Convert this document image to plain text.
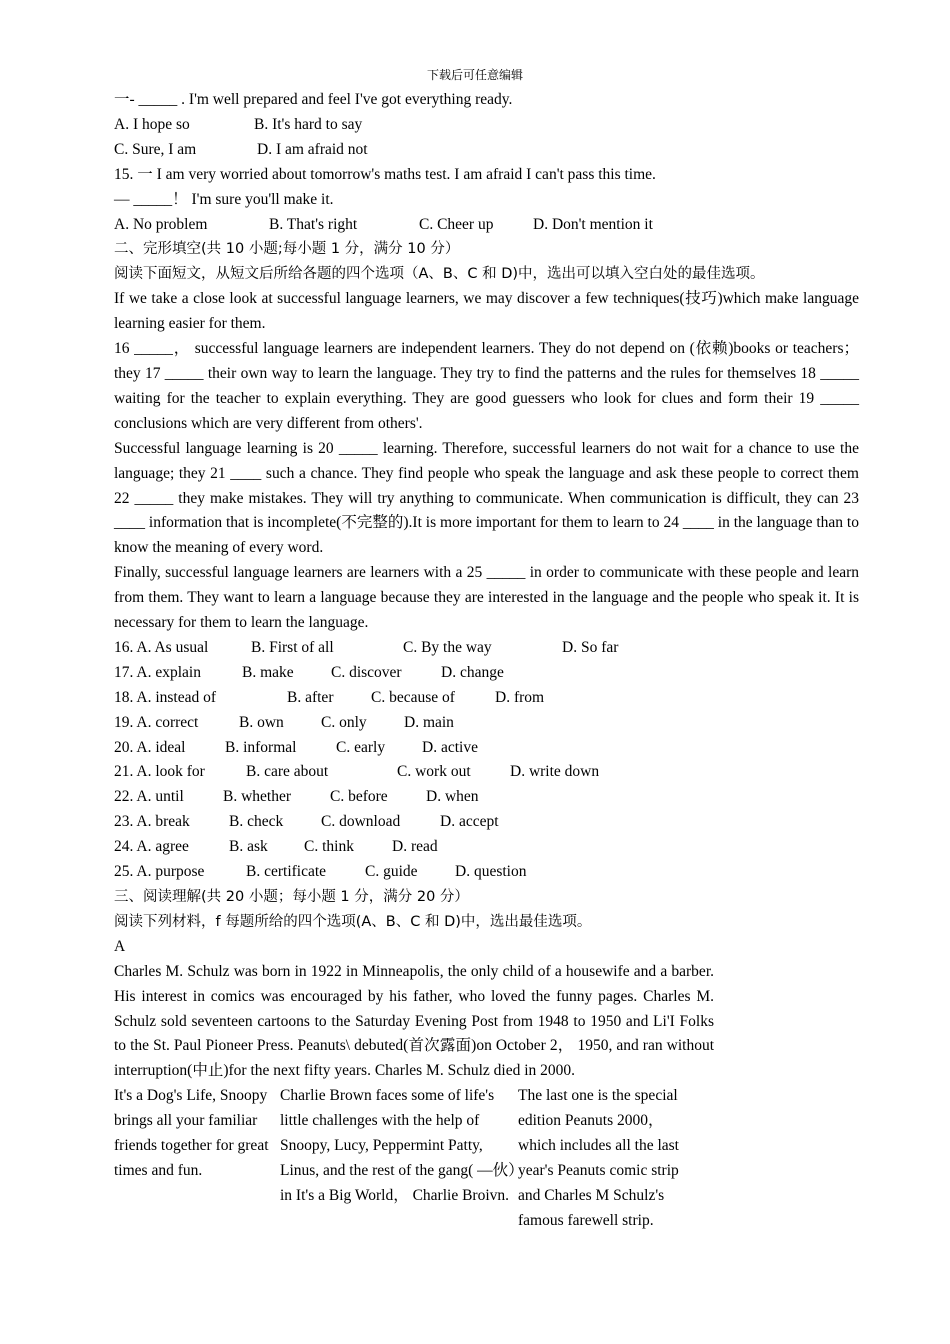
下载后可任意编辑
一- _____ . I'm well prepared and feel I've got everything ready.
A. I hope so	B. It's hard to say
C. Sure, I am	D. I am afraid not
15. 一 I am very worried about tomorrow's maths test. I am afraid I can't pass this time.
— _____！ I'm sure you'll make it.
A. No problem	B. That's right	C. Cheer up	D. Don't mention it
二、完形填空(共 10 小题;每小题 1 分，满分 10 分）
阅读下面短文，从短文后所给各题的四个选项（A、B、C 和 D)中，选出可以填入空白处的最佳选项。
If we take a close look at successful language learners, we may discover a few techniques(技巧)which make language learning easier for them.
16 _____， successful language learners are independent learners. They do not depend on (依赖)books or teachers；they 17 _____ their own way to learn the language. They try to find the patterns and the rules for themselves 18 _____ waiting for the teacher to explain everything. They are good guessers who look for clues and form their 19 _____ conclusions which are very different from others'.
Successful language learning is 20 _____ learning. Therefore, successful learners do not wait for a chance to use the language; they 21 ____ such a chance. They find people who speak the language and ask these people to correct them 22 _____ they make mistakes. They will try anything to communicate. When communication is difficult, they can 23 ____ information that is incomplete(不完整的).It is more important for them to learn to 24 ____ in the language than to know the meaning of every word.
Finally, successful language learners are learners with a 25 _____ in order to communicate with these people and learn from them. They want to learn a language because they are interested in the language and the people who speak it. It is necessary for them to learn the language.
16. A. As usual	B. First of all	C. By the way	D. So far
17. A. explain	B. make	C. discover	D. change
18. A. instead of	B. after	C. because of	D. from
19. A. correct	B. own	C. only	D. main
20. A. ideal	B. informal	C. early	D. active
21. A. look for	B. care about	C. work out	D. write down
22. A. until	B. whether	C. before	D. when
23. A. break	B. check	C. download	D. accept
24. A. agree	B. ask	C. think	D. read
25. A. purpose	B. certificate	C. guide	D. question
三、阅读理解(共 20 小题；每小题 1 分，满分 20 分）
阅读下列材料，f 每题所给的四个选项(A、B、C 和 D)中，选出最佳选项。
A
Charles M. Schulz was born in 1922 in Minneapolis, the only child of a housewife and a barber. His interest in comics was encouraged by his father, who loved the funny pages. Charles M. Schulz sold seventeen cartoons to the Saturday Evening Post from 1948 to 1950 and Li'I Folks to the St. Paul Pioneer Press. Peanuts\ debuted(首次露面)on October 2， 1950, and ran without interruption(中止)for the next fifty years. Charles M. Schulz died in 2000.
It's a Dog's Life, Snoopy brings all your familiar friends together for great times and fun.
Charlie Brown faces some of life's little challenges with the help of Snoopy, Lucy, Peppermint Patty, Linus, and the rest of the gang( —伙）in It's a Big World， Charlie Broivn.
The last one is the special edition Peanuts 2000，which includes all the last year's Peanuts comic strip and Charles M Schulz's famous farewell strip.
